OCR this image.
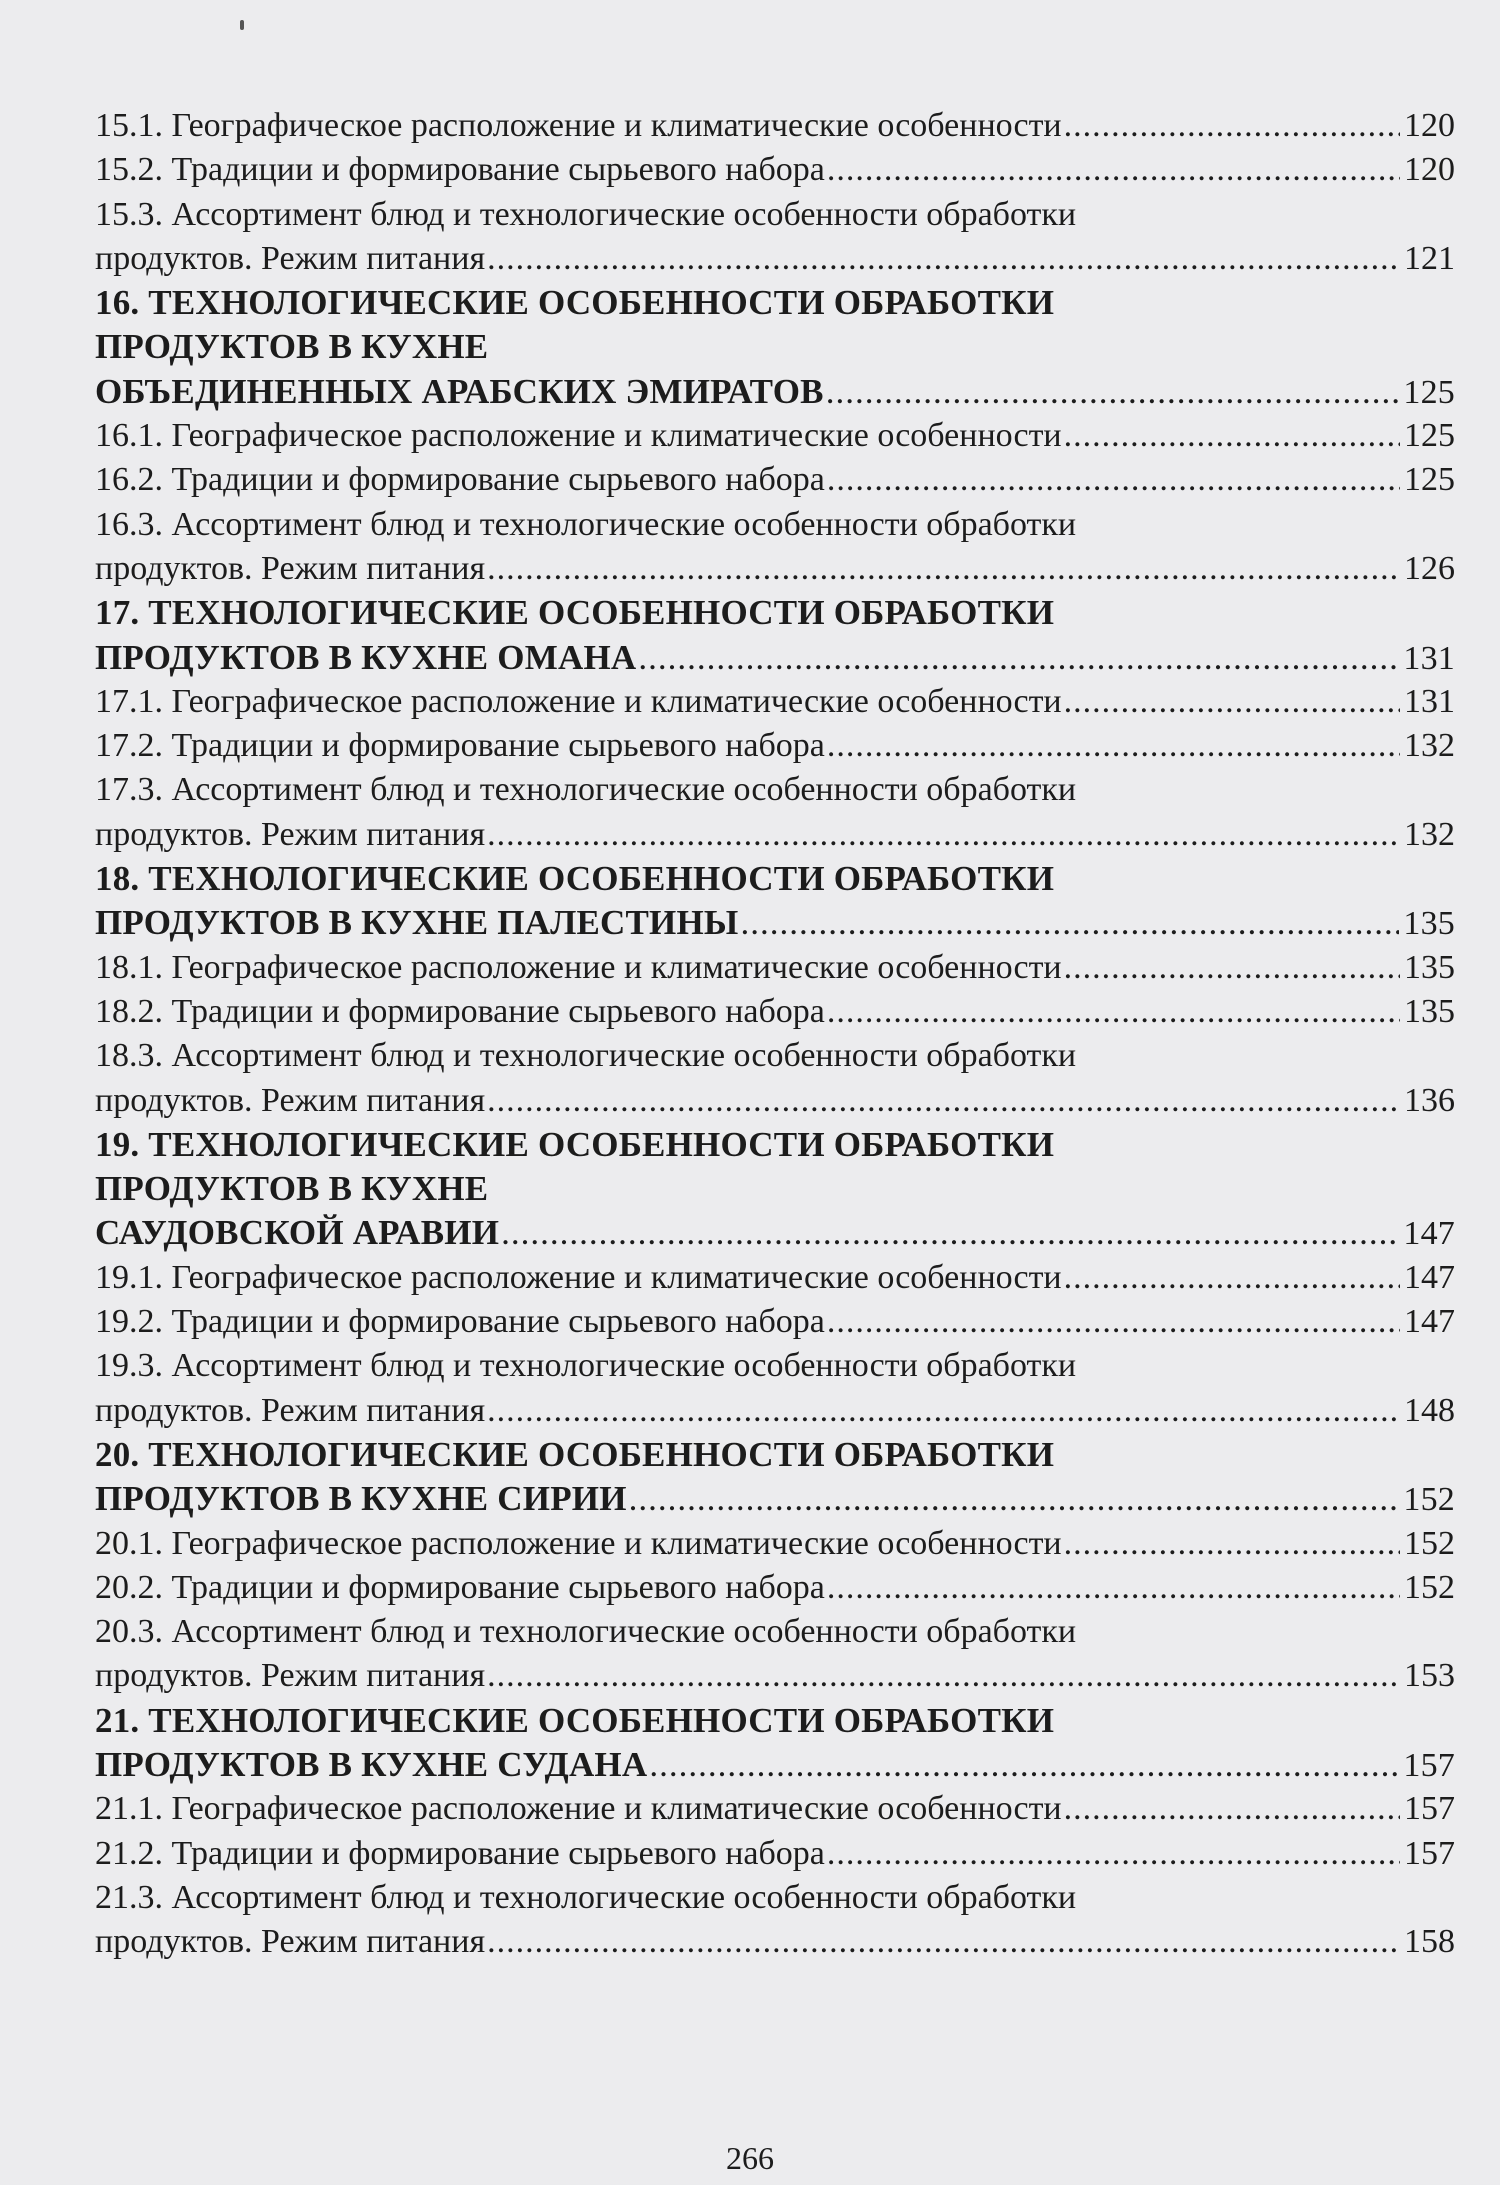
15.1. Географическое расположение и климатические особенности .....	120
15.2. Традиции и формирование сырьевого набора .....	120
15.3. Ассортимент блюд и технологические особенности обработки
продуктов. Режим питания .....	121
16. ТЕХНОЛОГИЧЕСКИЕ ОСОБЕННОСТИ ОБРАБОТКИ
ПРОДУКТОВ В КУХНЕ
ОБЪЕДИНЕННЫХ АРАБСКИХ ЭМИРАТОВ .....	125
16.1. Географическое расположение и климатические особенности .....	125
16.2. Традиции и формирование сырьевого набора .....	125
16.3. Ассортимент блюд и технологические особенности обработки
продуктов. Режим питания .....	126
17. ТЕХНОЛОГИЧЕСКИЕ ОСОБЕННОСТИ ОБРАБОТКИ
ПРОДУКТОВ В КУХНЕ ОМАНА .....	131
17.1. Географическое расположение и климатические особенности .....	131
17.2. Традиции и формирование сырьевого набора .....	132
17.3. Ассортимент блюд и технологические особенности обработки
продуктов. Режим питания .....	132
18. ТЕХНОЛОГИЧЕСКИЕ ОСОБЕННОСТИ ОБРАБОТКИ
ПРОДУКТОВ В КУХНЕ ПАЛЕСТИНЫ .....	135
18.1. Географическое расположение и климатические особенности .....	135
18.2. Традиции и формирование сырьевого набора .....	135
18.3. Ассортимент блюд и технологические особенности обработки
продуктов. Режим питания .....	136
19. ТЕХНОЛОГИЧЕСКИЕ ОСОБЕННОСТИ ОБРАБОТКИ
ПРОДУКТОВ В КУХНЕ
САУДОВСКОЙ АРАВИИ .....	147
19.1. Географическое расположение и климатические особенности .....	147
19.2. Традиции и формирование сырьевого набора .....	147
19.3. Ассортимент блюд и технологические особенности обработки
продуктов. Режим питания .....	148
20. ТЕХНОЛОГИЧЕСКИЕ ОСОБЕННОСТИ ОБРАБОТКИ
ПРОДУКТОВ В КУХНЕ СИРИИ .....	152
20.1. Географическое расположение и климатические особенности .....	152
20.2. Традиции и формирование сырьевого набора .....	152
20.3. Ассортимент блюд и технологические особенности обработки
продуктов. Режим питания .....	153
21. ТЕХНОЛОГИЧЕСКИЕ ОСОБЕННОСТИ ОБРАБОТКИ
ПРОДУКТОВ В КУХНЕ СУДАНА .....	157
21.1. Географическое расположение и климатические особенности .....	157
21.2. Традиции и формирование сырьевого набора .....	157
21.3. Ассортимент блюд и технологические особенности обработки
продуктов. Режим питания .....	158
266
